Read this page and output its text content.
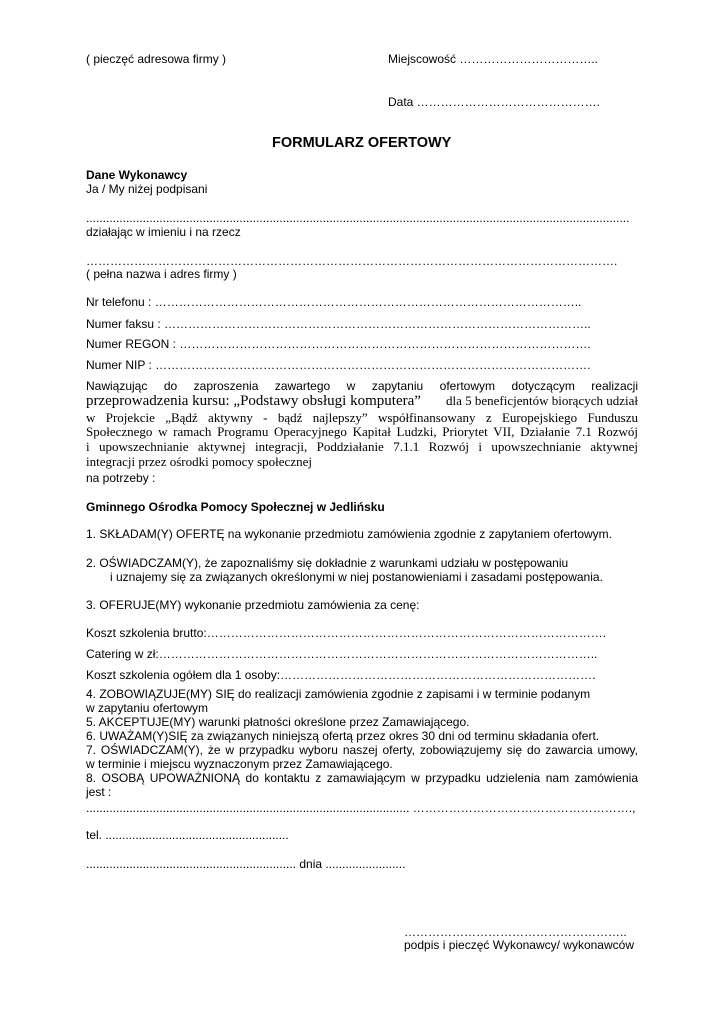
( pieczęć adresowa firmy )	Miejscowość ……………………………..
Data ……………………………………….
FORMULARZ OFERTOWY
Dane Wykonawcy
Ja / My niżej podpisani
...................................................................................................................................................................
działając w imieniu i na rzecz
…………………………………………………………………………………………………………………….
( pełna nazwa i adres firmy )
Nr telefonu : ……………………………………………………………………………………………..
Numer faksu : ……………………………………………………………………………………………..
Numer REGON : ………………………………………………………………………………………….
Numer NIP : ……………………………………………………………………………………………….
Nawiązując do zaproszenia zawartego w zapytaniu ofertowym dotyczącym realizacji
przeprowadzenia kursu: „Podstawy obsługi komputera” dla 5 beneficjentów biorących udział
w Projekcie „Bądź aktywny - bądź najlepszy” współfinansowany z Europejskiego Funduszu
Społecznego w ramach Programu Operacyjnego Kapitał Ludzki, Priorytet VII, Działanie 7.1 Rozwój
i upowszechnianie aktywnej integracji, Poddziałanie 7.1.1 Rozwój i upowszechnianie aktywnej
integracji przez ośrodki pomocy społecznej
na potrzeby :
Gminnego Ośrodka Pomocy Społecznej w Jedlińsku
1. SKŁADAM(Y) OFERTĘ na wykonanie przedmiotu zamówienia zgodnie z zapytaniem ofertowym.
2. OŚWIADCZAM(Y), że zapoznaliśmy się dokładnie z warunkami udziału w postępowaniu
i uznajemy się za związanych określonymi w niej postanowieniami i zasadami postępowania.
3. OFERUJE(MY) wykonanie przedmiotu zamówienia za cenę:
Koszt szkolenia brutto:……………………………………………………………………………………….
Catering w zł:………………………………………………………………………………………………..
Koszt szkolenia ogółem dla 1 osoby:…………………………………………………………………….
4. ZOBOWIĄZUJE(MY) SIĘ do realizacji zamówienia zgodnie z zapisami i w terminie podanym
w zapytaniu ofertowym
5. AKCEPTUJE(MY) warunki płatności określone przez Zamawiającego.
6. UWAŻAM(Y)SIĘ za związanych niniejszą ofertą przez okres 30 dni od terminu składania ofert.
7. OŚWIADCZAM(Y), że w przypadku wyboru naszej oferty, zobowiązujemy się do zawarcia umowy,
w terminie i miejscu wyznaczonym przez Zamawiającego.
8. OSOBĄ UPOWAŻNIONĄ do kontaktu z zamawiającym w przypadku udzielenia nam zamówienia
jest :
................................................................................................. ……………………………………………….,
tel. .......................................................
............................................................... dnia ........................
………………………………………………..
podpis i pieczęć Wykonawcy/ wykonawców
